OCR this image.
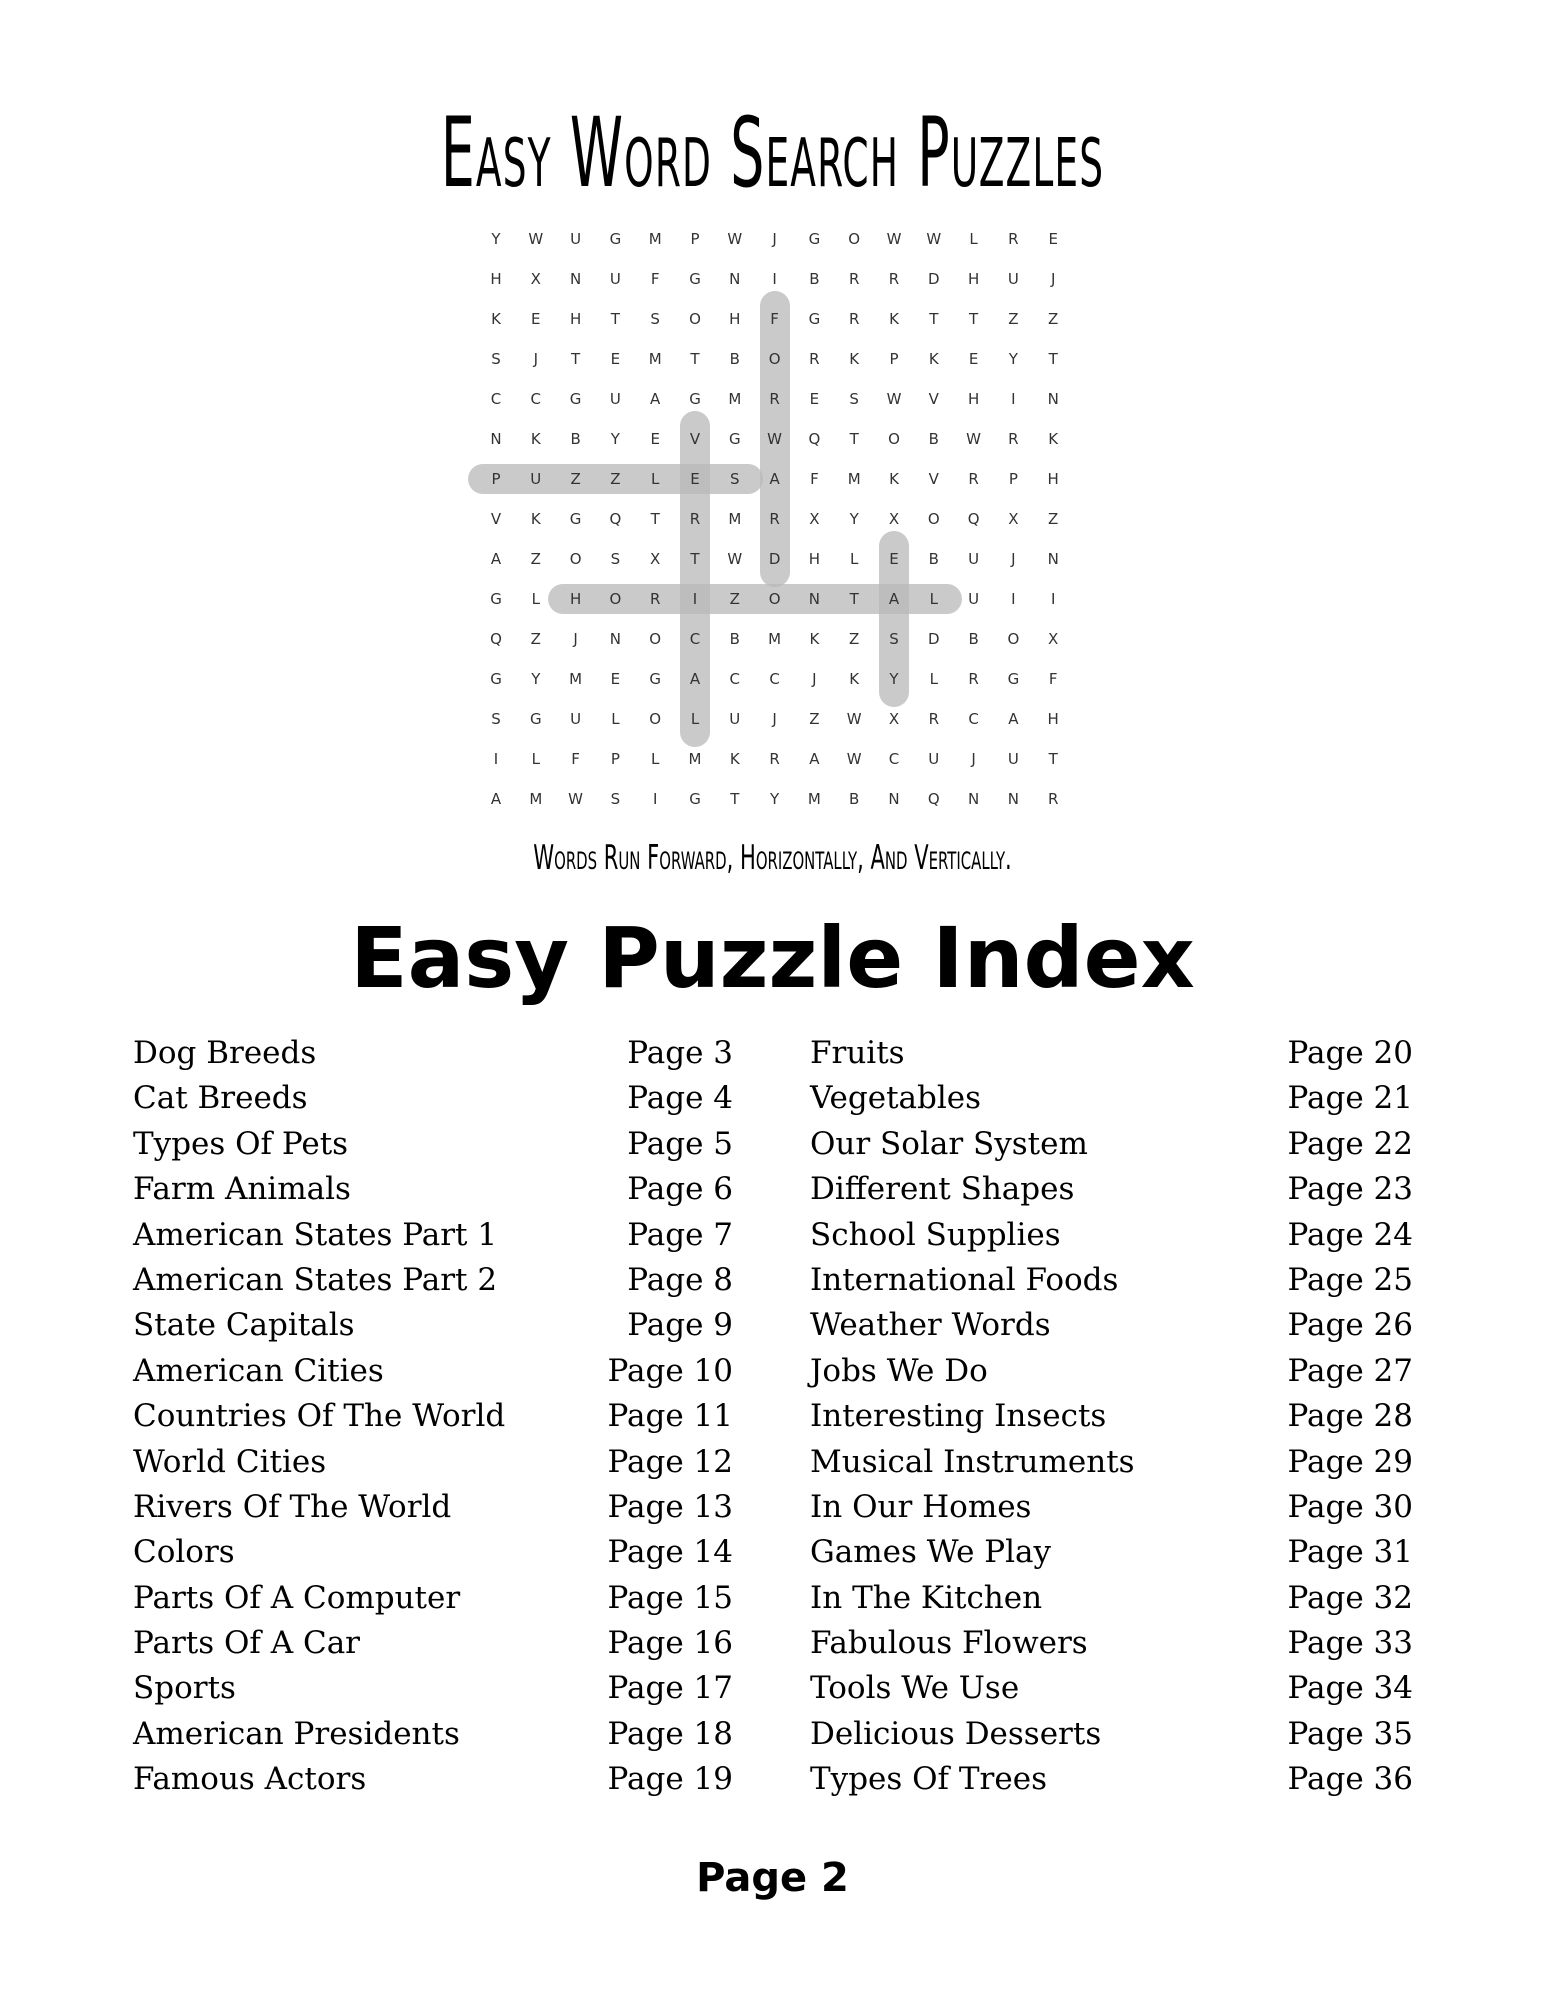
Easy Word Search Puzzles
Y	W	U	G	M	P	W	J	G	O	W	W	L	R	E
H	X	N	U	F	G	N	I	B	R	R	D	H	U	J
K	E	H	T	S	O	H	F	G	R	K	T	T	Z	Z
S	J	T	E	M	T	B	O	R	K	P	K	E	Y	T
C	C	G	U	A	G	M	R	E	S	W	V	H	I	N
N	K	B	Y	E	V	G	W	Q	T	O	B	W	R	K
P	U	Z	Z	L	E	S	A	F	M	K	V	R	P	H
V	K	G	Q	T	R	M	R	X	Y	X	O	Q	X	Z
A	Z	O	S	X	T	W	D	H	L	E	B	U	J	N
G	L	H	O	R	I	Z	O	N	T	A	L	U	I	I
Q	Z	J	N	O	C	B	M	K	Z	S	D	B	O	X
G	Y	M	E	G	A	C	C	J	K	Y	L	R	G	F
S	G	U	L	O	L	U	J	Z	W	X	R	C	A	H
I	L	F	P	L	M	K	R	A	W	C	U	J	U	T
A	M	W	S	I	G	T	Y	M	B	N	Q	N	N	R
Words Run Forward, Horizontally, And Vertically.
Easy Puzzle Index
Dog Breeds	Page 3
Cat Breeds	Page 4
Types Of Pets	Page 5
Farm Animals	Page 6
American States Part 1	Page 7
American States Part 2	Page 8
State Capitals	Page 9
American Cities	Page 10
Countries Of The World	Page 11
World Cities	Page 12
Rivers Of The World	Page 13
Colors	Page 14
Parts Of A Computer	Page 15
Parts Of A Car	Page 16
Sports	Page 17
American Presidents	Page 18
Famous Actors	Page 19
Fruits	Page 20
Vegetables	Page 21
Our Solar System	Page 22
Different Shapes	Page 23
School Supplies	Page 24
International Foods	Page 25
Weather Words	Page 26
Jobs We Do	Page 27
Interesting Insects	Page 28
Musical Instruments	Page 29
In Our Homes	Page 30
Games We Play	Page 31
In The Kitchen	Page 32
Fabulous Flowers	Page 33
Tools We Use	Page 34
Delicious Desserts	Page 35
Types Of Trees	Page 36
Page 2
